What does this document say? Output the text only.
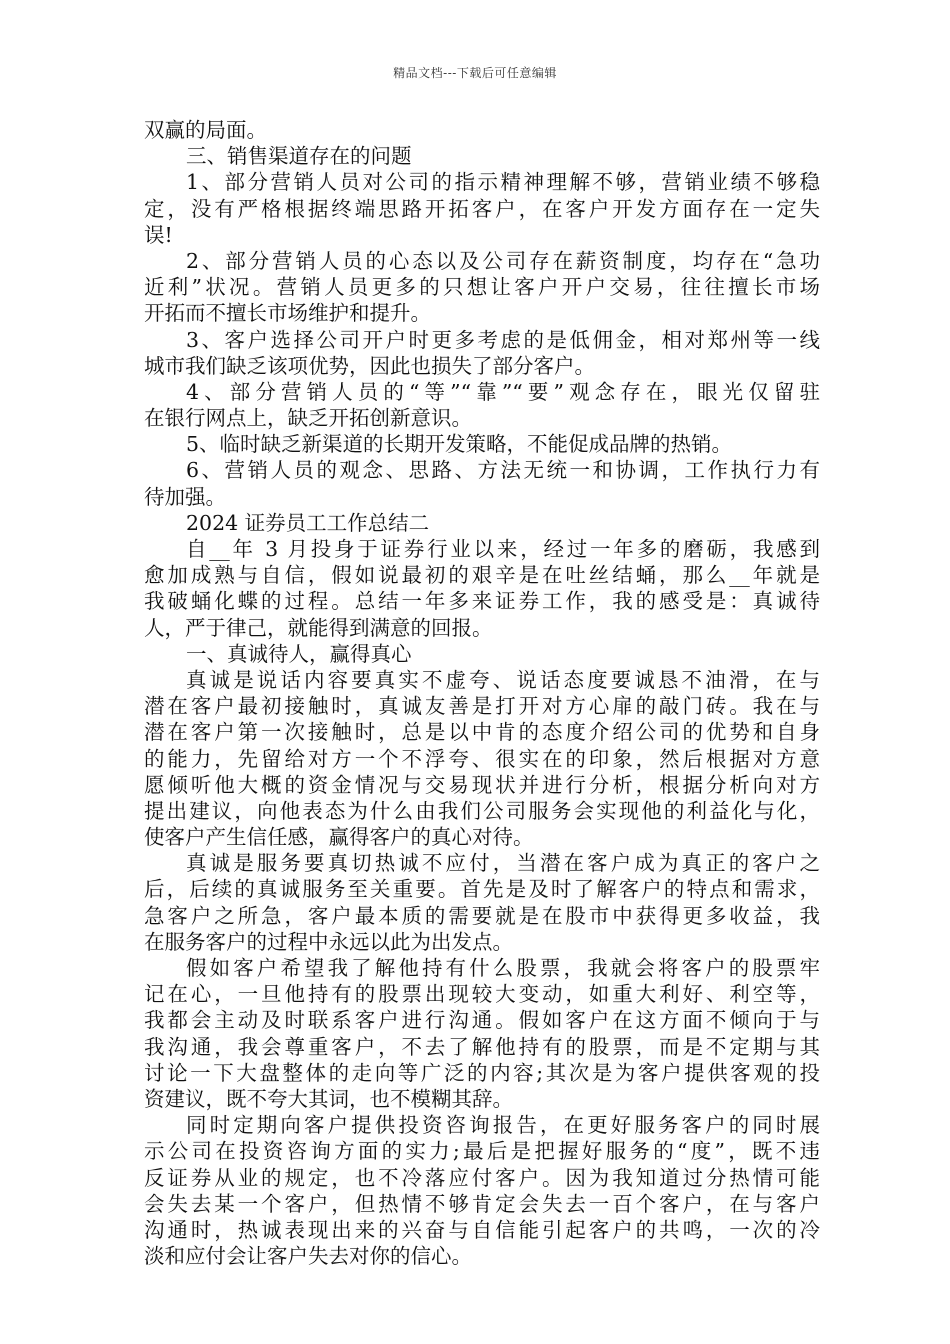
精品文档---下载后可任意编辑
双赢的局面。
三、销售渠道存在的问题
1、部分营销人员对公司的指示精神理解不够，营销业绩不够稳
定，没有严格根据终端思路开拓客户，在客户开发方面存在一定失
误!
2、部分营销人员的心态以及公司存在薪资制度，均存在“急功
近利”状况。营销人员更多的只想让客户开户交易，往往擅长市场
开拓而不擅长市场维护和提升。
3、客户选择公司开户时更多考虑的是低佣金，相对郑州等一线
城市我们缺乏该项优势，因此也损失了部分客户。
4、部分营销人员的“等”“靠”“要”观念存在，眼光仅留驻
在银行网点上，缺乏开拓创新意识。
5、临时缺乏新渠道的长期开发策略，不能促成品牌的热销。
6、营销人员的观念、思路、方法无统一和协调，工作执行力有
待加强。
2024 证券员工工作总结二
自__年 3 月投身于证券行业以来，经过一年多的磨砺，我感到
愈加成熟与自信，假如说最初的艰辛是在吐丝结蛹，那么__年就是
我破蛹化蝶的过程。总结一年多来证券工作，我的感受是：真诚待
人，严于律己，就能得到满意的回报。
一、真诚待人，赢得真心
真诚是说话内容要真实不虚夸、说话态度要诚恳不油滑，在与
潜在客户最初接触时，真诚友善是打开对方心扉的敲门砖。我在与
潜在客户第一次接触时，总是以中肯的态度介绍公司的优势和自身
的能力，先留给对方一个不浮夸、很实在的印象，然后根据对方意
愿倾听他大概的资金情况与交易现状并进行分析，根据分析向对方
提出建议，向他表态为什么由我们公司服务会实现他的利益化与化，
使客户产生信任感，赢得客户的真心对待。
真诚是服务要真切热诚不应付，当潜在客户成为真正的客户之
后，后续的真诚服务至关重要。首先是及时了解客户的特点和需求，
急客户之所急，客户最本质的需要就是在股市中获得更多收益，我
在服务客户的过程中永远以此为出发点。
假如客户希望我了解他持有什么股票，我就会将客户的股票牢
记在心，一旦他持有的股票出现较大变动，如重大利好、利空等，
我都会主动及时联系客户进行沟通。假如客户在这方面不倾向于与
我沟通，我会尊重客户，不去了解他持有的股票，而是不定期与其
讨论一下大盘整体的走向等广泛的内容;其次是为客户提供客观的投
资建议，既不夸大其词，也不模糊其辞。
同时定期向客户提供投资咨询报告，在更好服务客户的同时展
示公司在投资咨询方面的实力;最后是把握好服务的“度”，既不违
反证券从业的规定，也不冷落应付客户。因为我知道过分热情可能
会失去某一个客户，但热情不够肯定会失去一百个客户，在与客户
沟通时，热诚表现出来的兴奋与自信能引起客户的共鸣，一次的冷
淡和应付会让客户失去对你的信心。
